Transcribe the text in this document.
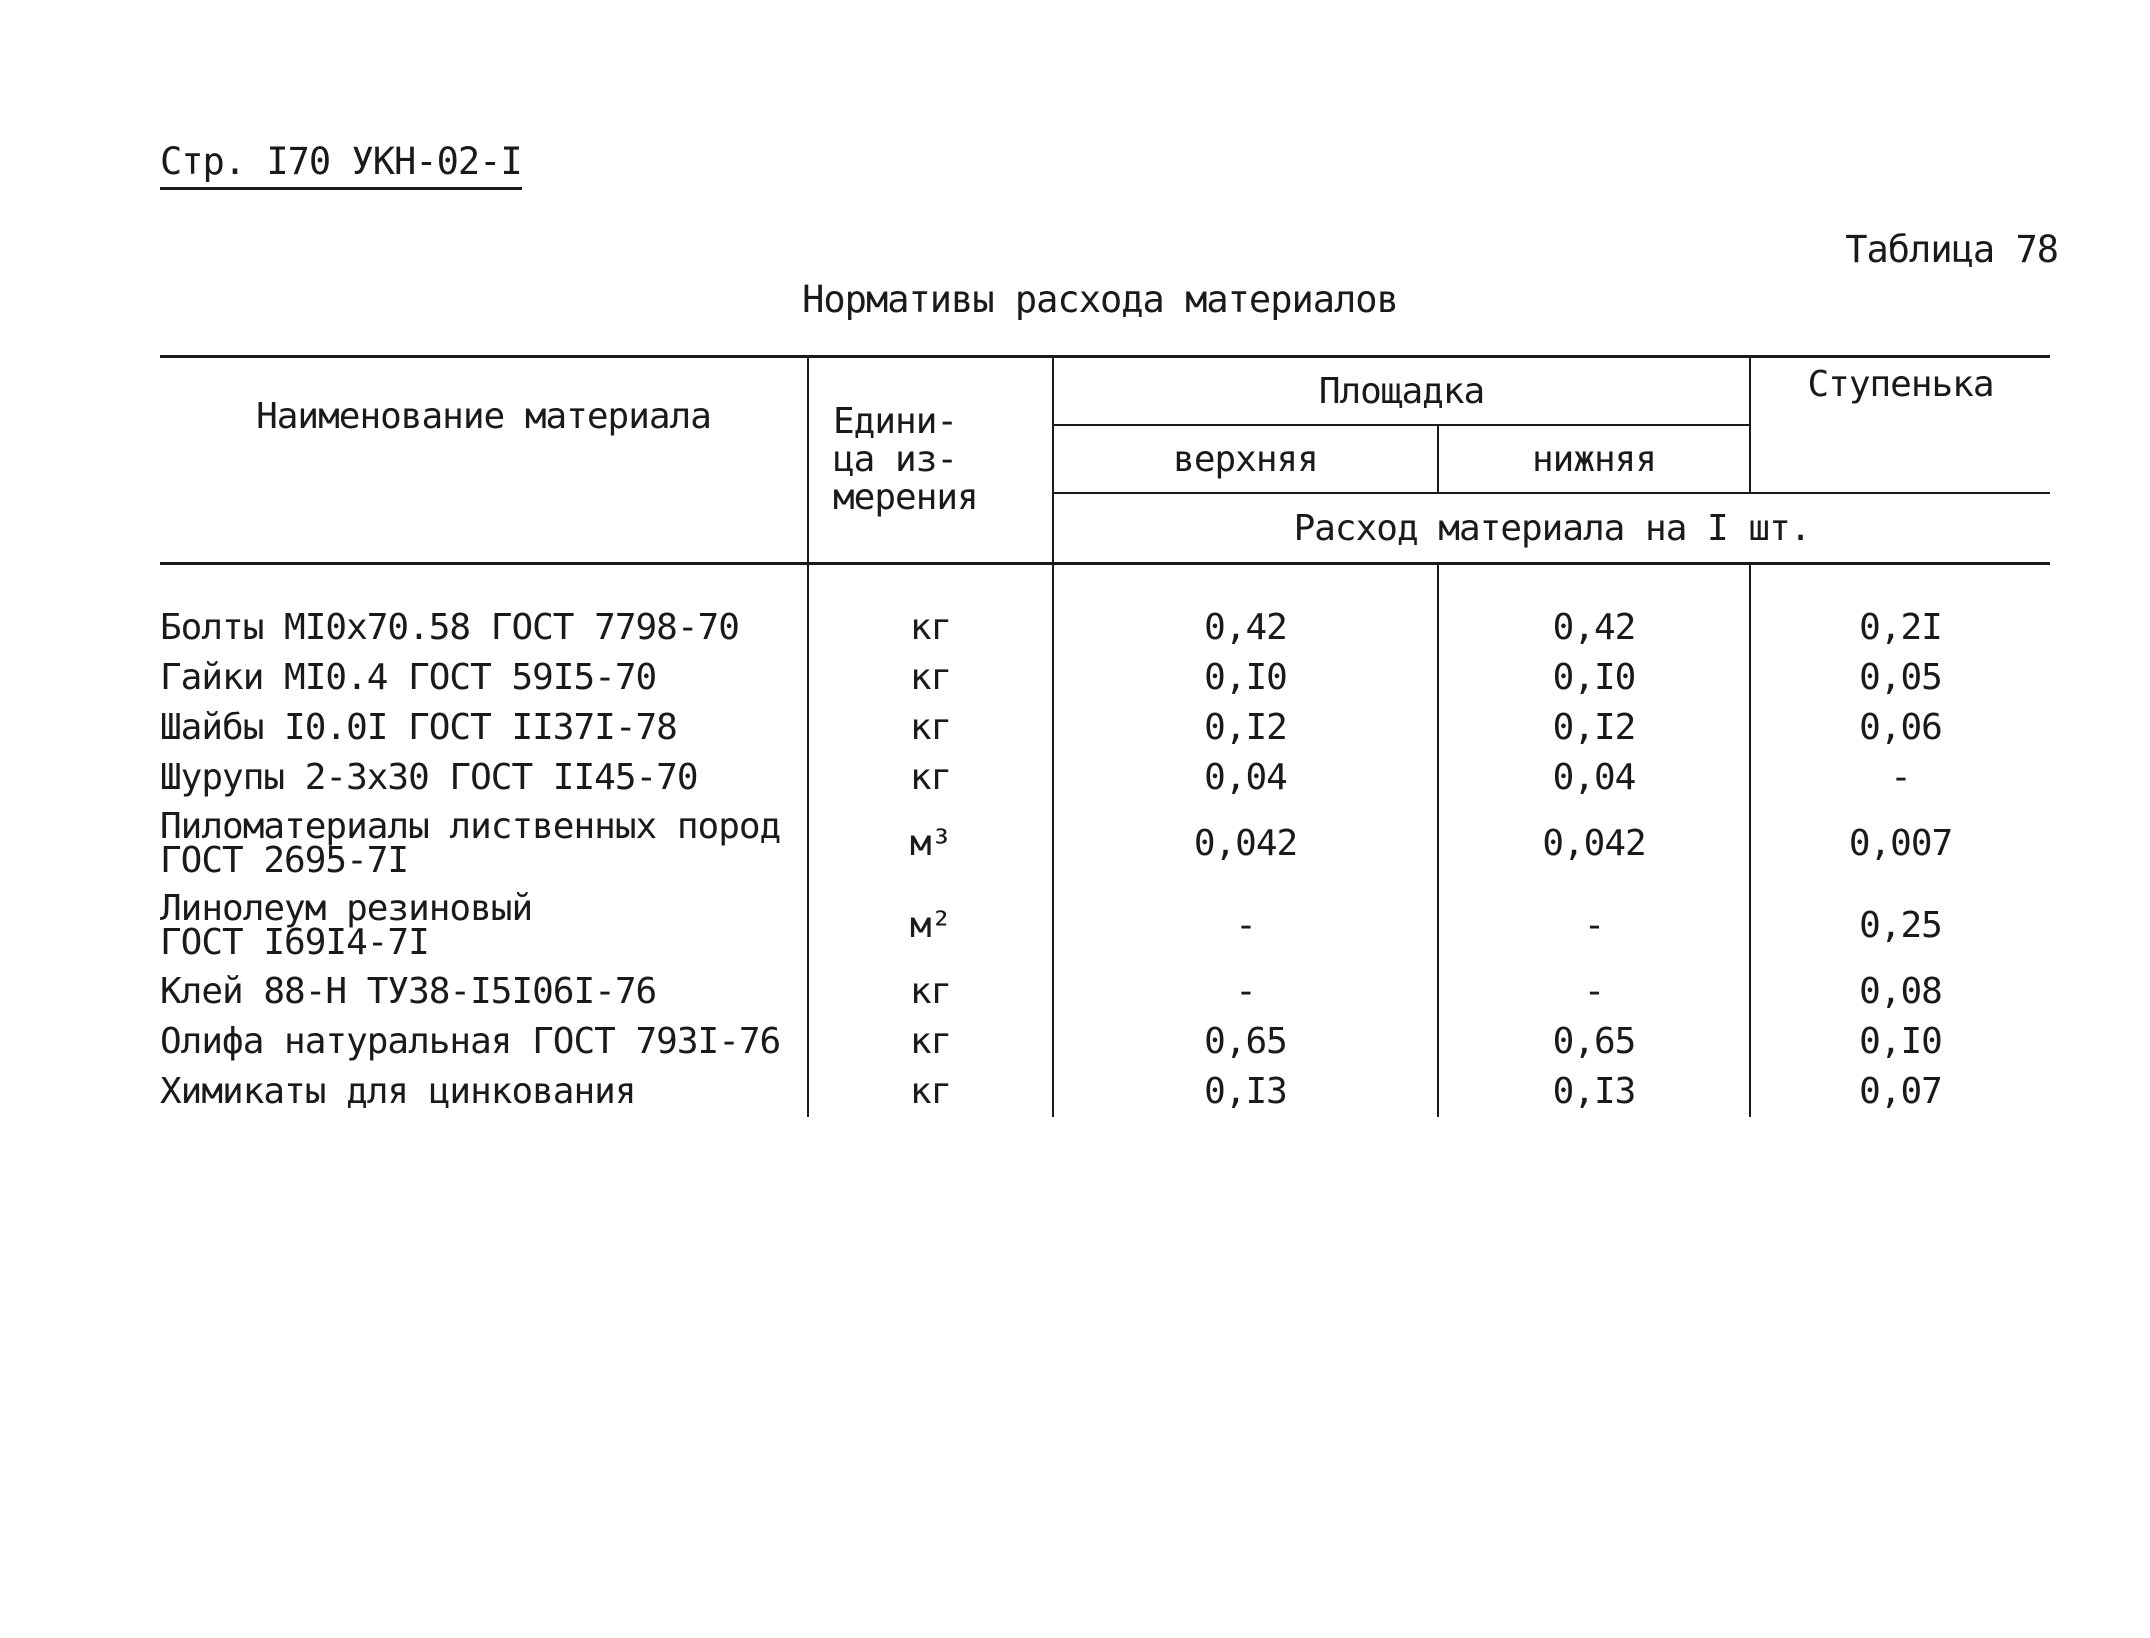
Стр. I70 УКН-02-I
Таблица 78
Нормативы расхода материалов
Наименование материала	Едини-
ца из-
мерения	Площадка		Ступенька
		верхняя	нижняя	
		Расход материала на I шт.		
Болты MI0x70.58 ГОСТ 7798-70	кг	0,42	0,42	0,2I
Гайки MI0.4 ГОСТ 59I5-70	кг	0,I0	0,I0	0,05
Шайбы I0.0I ГОСТ II37I-78	кг	0,I2	0,I2	0,06
Шурупы 2-3x30 ГОСТ II45-70	кг	0,04	0,04	-
Пиломатериалы лиственных пород
ГОСТ 2695-7I	м³	0,042	0,042	0,007
Линолеум резиновый
ГОСТ I69I4-7I	м²	-	-	0,25
Клей 88-Н ТУ38-I5I06I-76	кг	-	-	0,08
Олифа натуральная ГОСТ 793I-76	кг	0,65	0,65	0,I0
Химикаты для цинкования	кг	0,I3	0,I3	0,07
